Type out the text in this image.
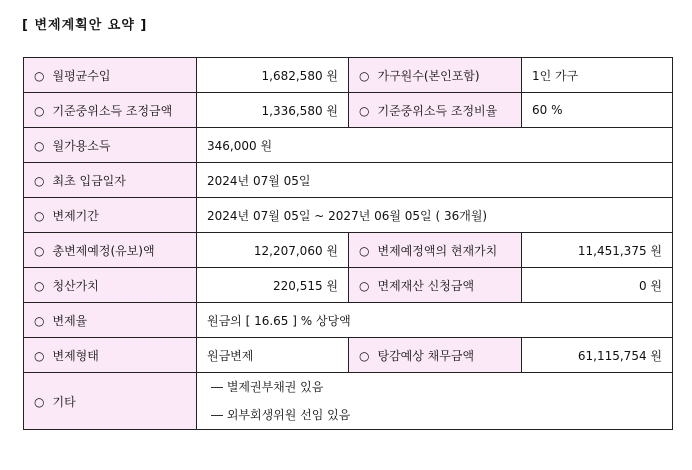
[ 변제계획안 요약 ]
○ 월평균수입	1,682,580 원	○ 가구원수(본인포함)	1인 가구
○ 기준중위소득 조정금액	1,336,580 원	○ 기준중위소득 조정비율	60 %
○ 월가용소득	346,000 원		
○ 최초 입금일자	2024년 07월 05일		
○ 변제기간	2024년 07월 05일 ~ 2027년 06월 05일 ( 36개월)		
○ 총변제예정(유보)액	12,207,060 원	○ 변제예정액의 현재가치	11,451,375 원
○ 청산가치	220,515 원	○ 면제재산 신청금액	0 원
○ 변제율	원금의 [ 16.65 ] % 상당액		
○ 변제형태	원금변제	○ 탕감예상 채무금액	61,115,754 원
○ 기타	― 별제권부채권 있음
― 외부회생위원 선임 있음		
